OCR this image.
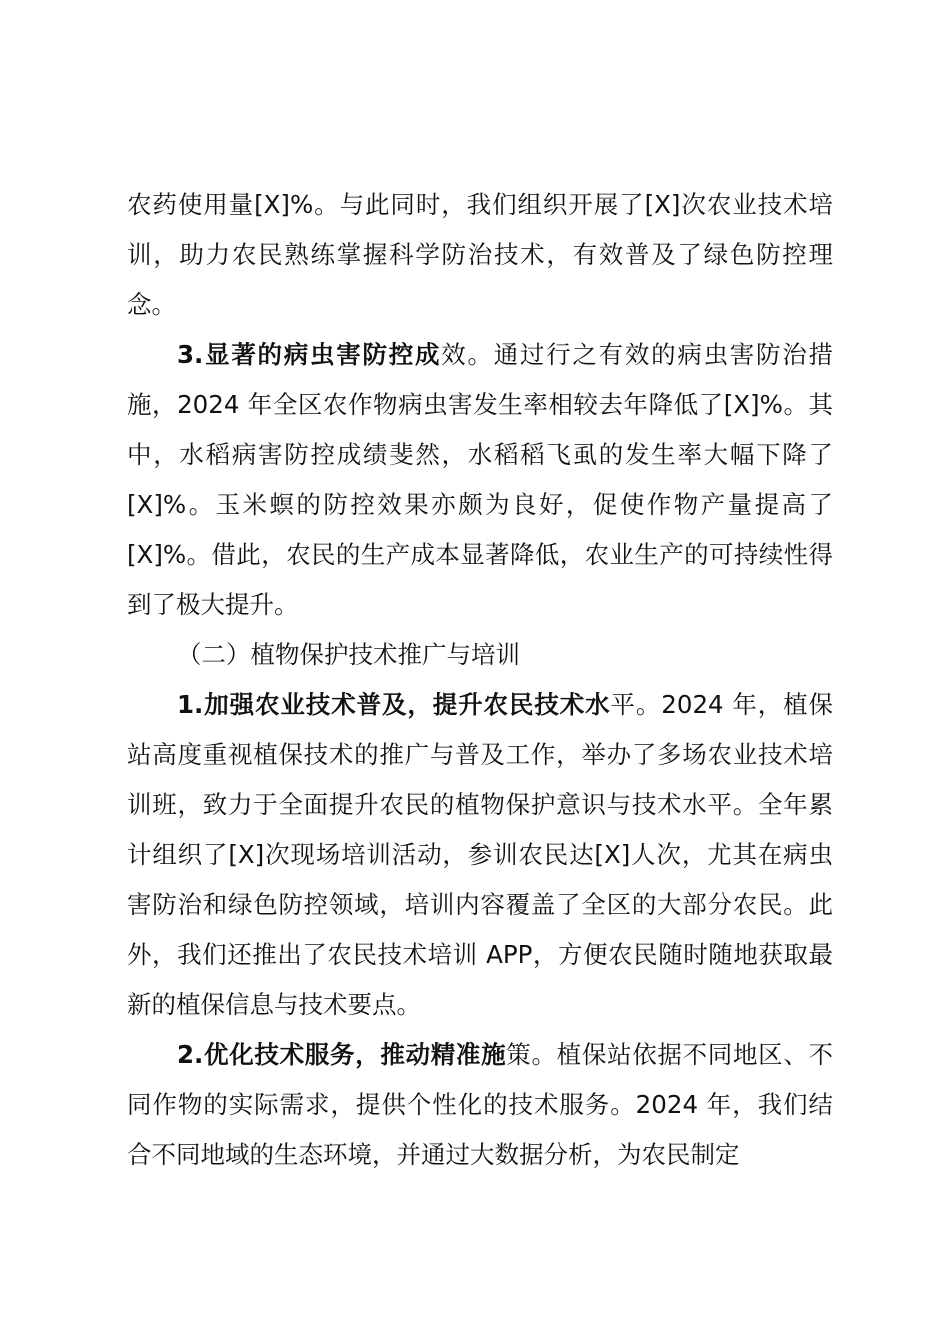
农药使用量[X]%。与此同时，我们组织开展了[X]次农业技术培训，助力农民熟练掌握科学防治技术，有效普及了绿色防控理念。

3.显著的病虫害防控成效。通过行之有效的病虫害防治措施，2024 年全区农作物病虫害发生率相较去年降低了[X]%。其中，水稻病害防控成绩斐然，水稻稻飞虱的发生率大幅下降了[X]%。玉米螟的防控效果亦颇为良好，促使作物产量提高了[X]%。借此，农民的生产成本显著降低，农业生产的可持续性得到了极大提升。

（二）植物保护技术推广与培训

1.加强农业技术普及，提升农民技术水平。2024 年，植保站高度重视植保技术的推广与普及工作，举办了多场农业技术培训班，致力于全面提升农民的植物保护意识与技术水平。全年累计组织了[X]次现场培训活动，参训农民达[X]人次，尤其在病虫害防治和绿色防控领域，培训内容覆盖了全区的大部分农民。此外，我们还推出了农民技术培训 APP，方便农民随时随地获取最新的植保信息与技术要点。

2.优化技术服务，推动精准施策。植保站依据不同地区、不同作物的实际需求，提供个性化的技术服务。2024 年，我们结合不同地域的生态环境，并通过大数据分析，为农民制定
